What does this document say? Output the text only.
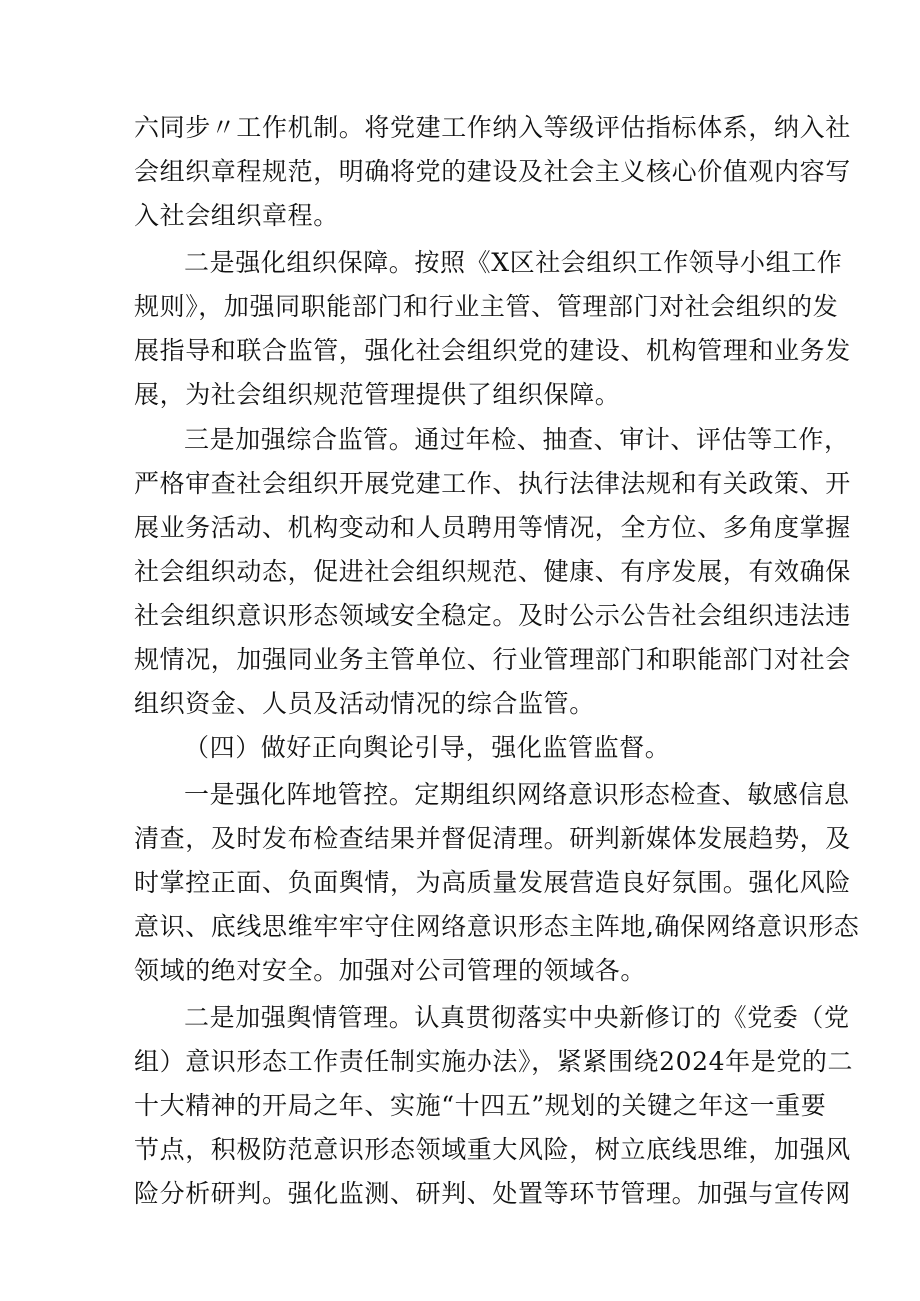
六同步〃工作机制。将党建工作纳入等级评估指标体系，纳入社
会组织章程规范，明确将党的建设及社会主义核心价值观内容写
入社会组织章程。
二是强化组织保障。按照《X区社会组织工作领导小组工作
规则》，加强同职能部门和行业主管、管理部门对社会组织的发
展指导和联合监管，强化社会组织党的建设、机构管理和业务发
展，为社会组织规范管理提供了组织保障。
三是加强综合监管。通过年检、抽查、审计、评估等工作，
严格审查社会组织开展党建工作、执行法律法规和有关政策、开
展业务活动、机构变动和人员聘用等情况，全方位、多角度掌握
社会组织动态，促进社会组织规范、健康、有序发展，有效确保
社会组织意识形态领域安全稳定。及时公示公告社会组织违法违
规情况，加强同业务主管单位、行业管理部门和职能部门对社会
组织资金、人员及活动情况的综合监管。
（四）做好正向舆论引导，强化监管监督。
一是强化阵地管控。定期组织网络意识形态检查、敏感信息
清查，及时发布检查结果并督促清理。研判新媒体发展趋势，及
时掌控正面、负面舆情，为高质量发展营造良好氛围。强化风险
意识、底线思维牢牢守住网络意识形态主阵地,确保网络意识形态
领域的绝对安全。加强对公司管理的领域各。
二是加强舆情管理。认真贯彻落实中央新修订的《党委（党
组）意识形态工作责任制实施办法》，紧紧围绕2024年是党的二
十大精神的开局之年、实施“十四五”规划的关键之年这一重要
节点，积极防范意识形态领域重大风险，树立底线思维，加强风
险分析研判。强化监测、研判、处置等环节管理。加强与宣传网
